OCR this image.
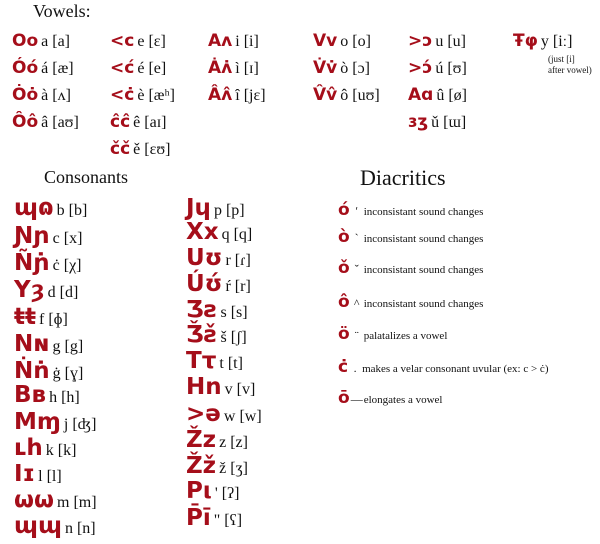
Vowels:
Consonants	Diacritics
Oo a [a]
Óó á [æ]
Ȯȯ à [ʌ]
Ôô â [aʊ]
<c e [ɛ]
<ć é [e]
<ċ è [æʰ]
ĉĉ ê [aɪ]
čč ě [ɛʊ]
Aʌ i [i]
Ȧʌ̇ ì [ɪ]
Âʌ̂ î [jɛ]
Vv o [o]
V̇v̇ ò [ɔ]
V̂v̂ ô [uʊ]
>ɔ u [u]
>ɔ́ ú [ʊ]
Aɑ û [ø]
ɜʒ ǔ [ɯ]
Ŧφ y [iː]
(just [i]
after vowel)
ɰɷ b [b]
Ɲɲ c [x]
Ñɲ̇ ċ [χ]
Yȝ d [d]
ŧŧ f [ɸ]
Nɴ g [g]
Ṅṅ ġ [ɣ]
Bʙ h [h]
Mɱ j [ʤ]
ʟh k [k]
Iɪ l [l]
ωω m [m]
ɰɰ n [n]
Jɥ p [p]
Xx q [q]
Uʊ r [ɾ]
Úʊ́ ŕ [r]
Ʒƨ s [s]
Ǯƨ̌ š [ʃ]
Tτ t [t]
Hn v [v]
>ə w [w]
Žz z [z]
Žž ž [ʒ]
Ρι ' [ʔ]
P̄ī " [ʕ]
ó ʹ inconsistant sound changes
ò ˋ inconsistant sound changes
ǒ ˇ inconsistant sound changes
ô ^ inconsistant sound changes
ö ¨ palatalizes a vowel
ċ . makes a velar consonant uvular (ex: c > ċ)
ō—elongates a vowel
